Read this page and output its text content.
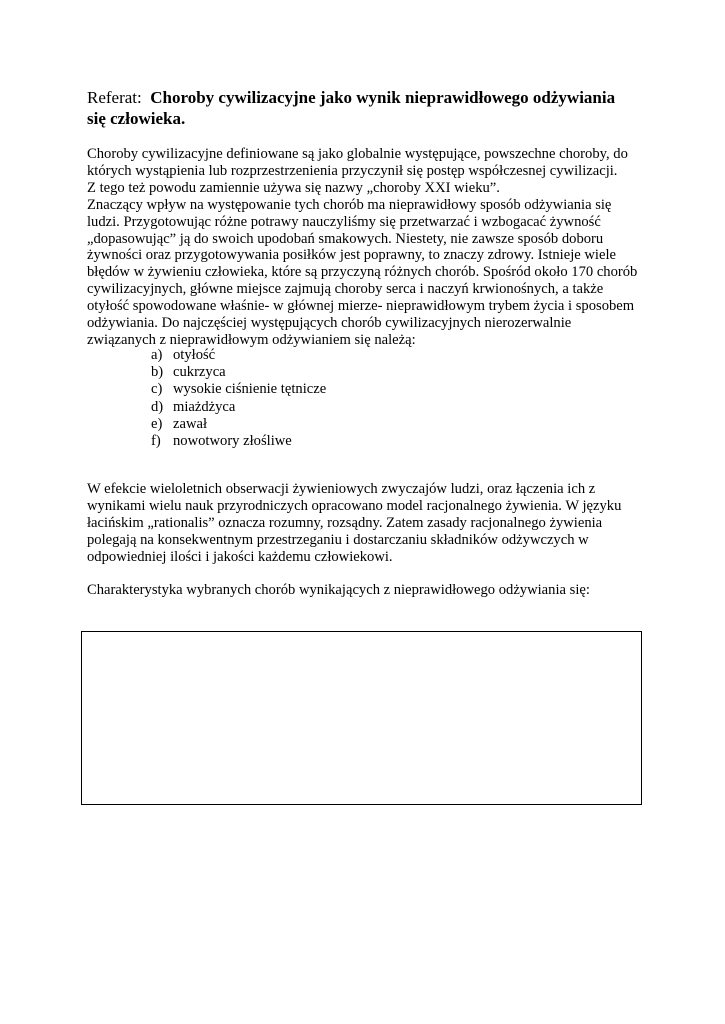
Referat: Choroby cywilizacyjne jako wynik nieprawidłowego odżywiania
się człowieka.
Choroby cywilizacyjne definiowane są jako globalnie występujące, powszechne choroby, do
których wystąpienia lub rozprzestrzenienia przyczynił się postęp współczesnej cywilizacji.
Z tego też powodu zamiennie używa się nazwy „choroby XXI wieku”.
Znaczący wpływ na występowanie tych chorób ma nieprawidłowy sposób odżywiania się
ludzi. Przygotowując różne potrawy nauczyliśmy się przetwarzać i wzbogacać żywność
„dopasowując” ją do swoich upodobań smakowych. Niestety, nie zawsze sposób doboru
żywności oraz przygotowywania posiłków jest poprawny, to znaczy zdrowy. Istnieje wiele
błędów w żywieniu człowieka, które są przyczyną różnych chorób. Spośród około 170 chorób
cywilizacyjnych, główne miejsce zajmują choroby serca i naczyń krwionośnych, a także
otyłość spowodowane właśnie- w głównej mierze- nieprawidłowym trybem życia i sposobem
odżywiania. Do najczęściej występujących chorób cywilizacyjnych nierozerwalnie
związanych z nieprawidłowym odżywianiem się należą:
a) otyłość
b) cukrzyca
c) wysokie ciśnienie tętnicze
d) miażdżyca
e) zawał
f) nowotwory złośliwe
W efekcie wieloletnich obserwacji żywieniowych zwyczajów ludzi, oraz łączenia ich z
wynikami wielu nauk przyrodniczych opracowano model racjonalnego żywienia. W języku
łacińskim „rationalis” oznacza rozumny, rozsądny. Zatem zasady racjonalnego żywienia
polegają na konsekwentnym przestrzeganiu i dostarczaniu składników odżywczych w
odpowiedniej ilości i jakości każdemu człowiekowi.
Charakterystyka wybranych chorób wynikających z nieprawidłowego odżywiania się:
